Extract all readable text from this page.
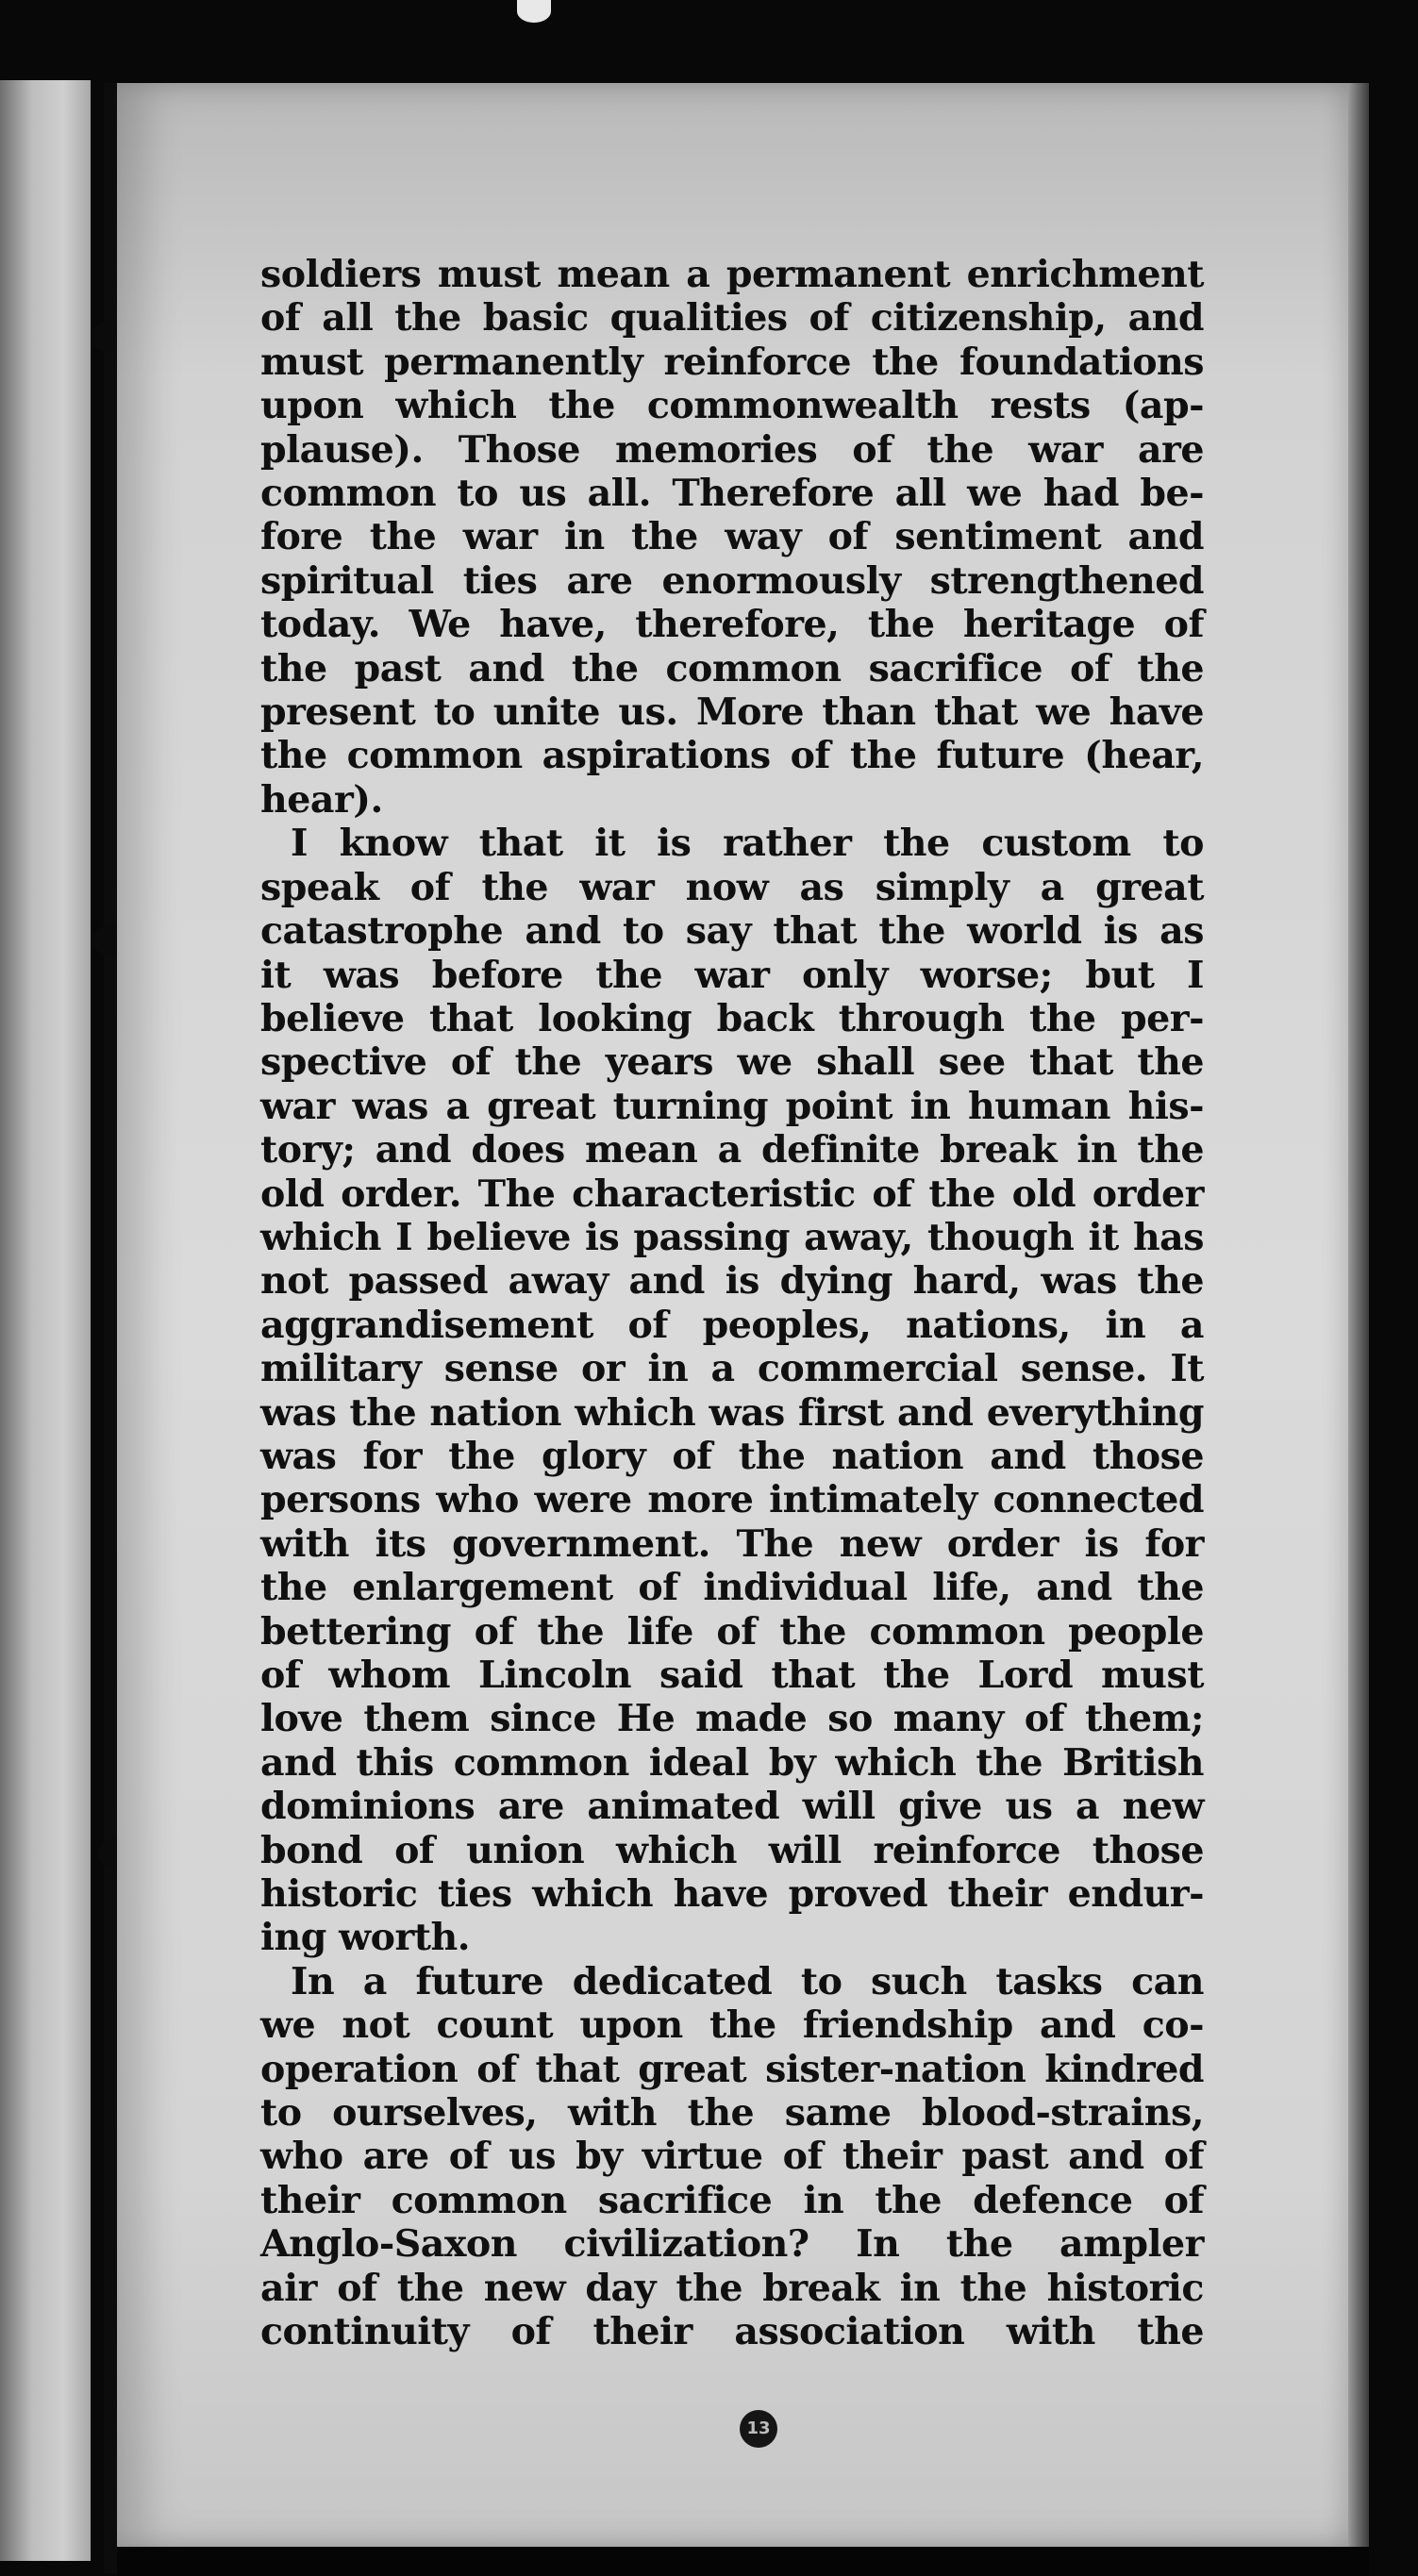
soldiers must mean a permanent enrichment
of all the basic qualities of citizenship, and
must permanently reinforce the foundations
upon which the commonwealth rests (ap-
plause). Those memories of the war are
common to us all. Therefore all we had be-
fore the war in the way of sentiment and
spiritual ties are enormously strengthened
today. We have, therefore, the heritage of
the past and the common sacrifice of the
present to unite us. More than that we have
the common aspirations of the future (hear,
hear).
I know that it is rather the custom to
speak of the war now as simply a great
catastrophe and to say that the world is as
it was before the war only worse; but I
believe that looking back through the per-
spective of the years we shall see that the
war was a great turning point in human his-
tory; and does mean a definite break in the
old order. The characteristic of the old order
which I believe is passing away, though it has
not passed away and is dying hard, was the
aggrandisement of peoples, nations, in a
military sense or in a commercial sense. It
was the nation which was first and everything
was for the glory of the nation and those
persons who were more intimately connected
with its government. The new order is for
the enlargement of individual life, and the
bettering of the life of the common people
of whom Lincoln said that the Lord must
love them since He made so many of them;
and this common ideal by which the British
dominions are animated will give us a new
bond of union which will reinforce those
historic ties which have proved their endur-
ing worth.
In a future dedicated to such tasks can
we not count upon the friendship and co-
operation of that great sister-nation kindred
to ourselves, with the same blood-strains,
who are of us by virtue of their past and of
their common sacrifice in the defence of
Anglo-Saxon civilization? In the ampler
air of the new day the break in the historic
continuity of their association with the
13
